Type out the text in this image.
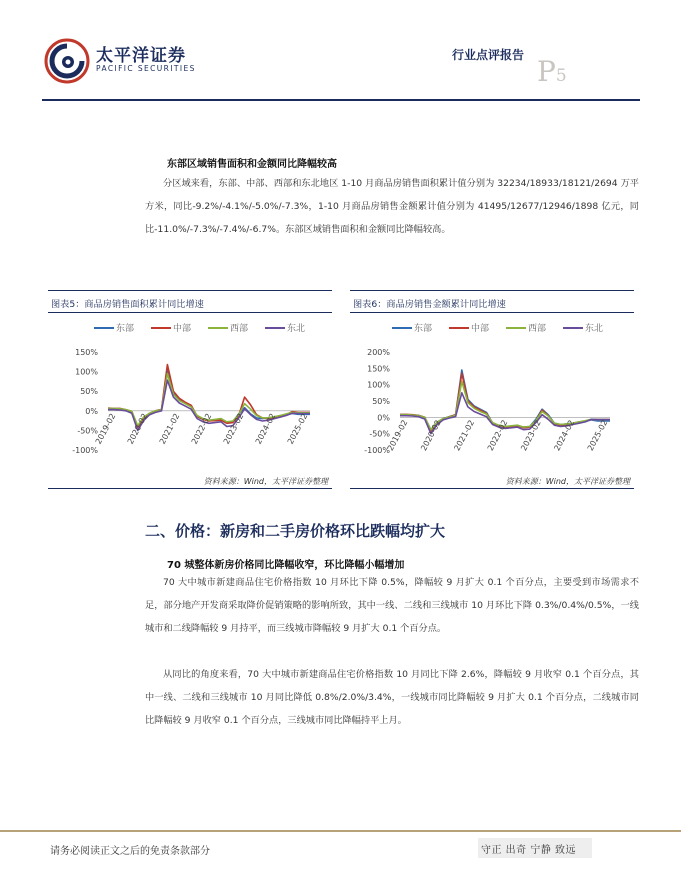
太平洋证券
PACIFIC SECURITIES
行业点评报告 P5
东部区域销售面积和金额同比降幅较高
分区域来看，东部、中部、西部和东北地区 1-10 月商品房销售面积累计值分别为 32234/18933/18121/2694 万平方米，同比-9.2%/-4.1%/-5.0%/-7.3%，1-10 月商品房销售金额累计值分别为 41495/12677/12946/1898 亿元，同比-11.0%/-7.3%/-7.4%/-6.7%。东部区域销售面积和金额同比降幅较高。
图表5：商品房销售面积累计同比增速
东部	中部	西部	东北
150%
100%
50%
0%
-50%
-100%
2019-02 2020-02 2021-02 2022-02 2023-02 2024-02 2025-02
资料来源：Wind，太平洋证券整理
图表6：商品房销售金额累计同比增速
东部	中部	西部	东北
200%
150%
100%
50%
0%
-50%
-100%
2019-02 2020-02 2021-02 2022-02 2023-02 2024-02 2025-02
资料来源：Wind，太平洋证券整理
二、价格：新房和二手房价格环比跌幅均扩大
70 城整体新房价格同比降幅收窄，环比降幅小幅增加
70 大中城市新建商品住宅价格指数 10 月环比下降 0.5%，降幅较 9 月扩大 0.1 个百分点，主要受到市场需求不足，部分地产开发商采取降价促销策略的影响所致，其中一线、二线和三线城市 10 月环比下降 0.3%/0.4%/0.5%，一线城市和二线降幅较 9 月持平，而三线城市降幅较 9 月扩大 0.1 个百分点。
从同比的角度来看，70 大中城市新建商品住宅价格指数 10 月同比下降 2.6%，降幅较 9 月收窄 0.1 个百分点，其中一线、二线和三线城市 10 月同比降低 0.8%/2.0%/3.4%，一线城市同比降幅较 9 月扩大 0.1 个百分点，二线城市同比降幅较 9 月收窄 0.1 个百分点，三线城市同比降幅持平上月。
请务必阅读正文之后的免责条款部分	守正 出奇 宁静 致远
